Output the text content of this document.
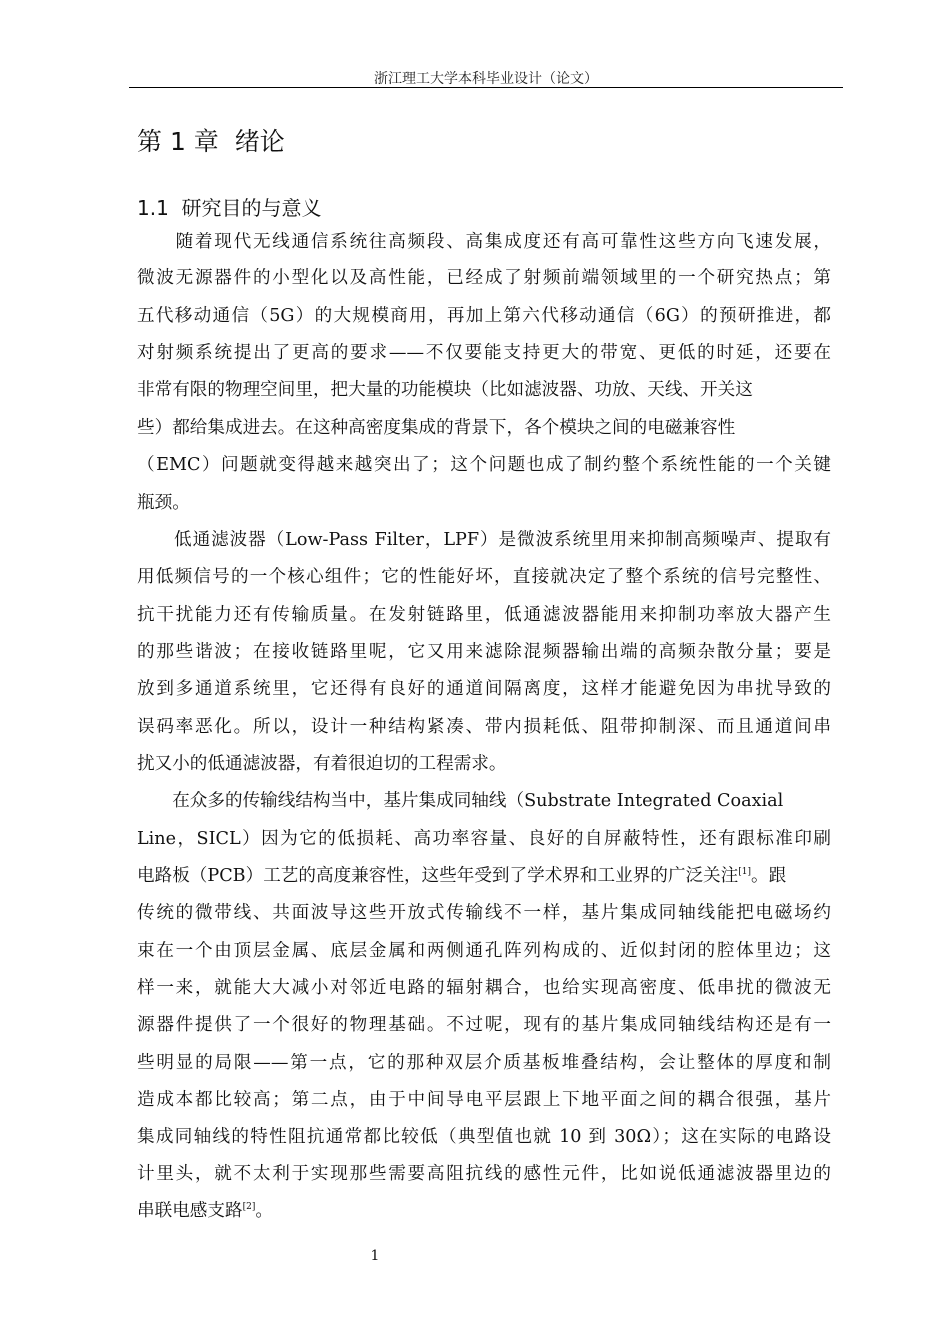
浙江理工大学本科毕业设计（论文）
第 1 章  绪论
1.1  研究目的与意义
　　随着现代无线通信系统往高频段、高集成度还有高可靠性这些方向飞速发展，
微波无源器件的小型化以及高性能，已经成了射频前端领域里的一个研究热点；第
五代移动通信（5G）的大规模商用，再加上第六代移动通信（6G）的预研推进，都
对射频系统提出了更高的要求——不仅要能支持更大的带宽、更低的时延，还要在
非常有限的物理空间里，把大量的功能模块（比如滤波器、功放、天线、开关这
些）都给集成进去。在这种高密度集成的背景下，各个模块之间的电磁兼容性
（EMC）问题就变得越来越突出了；这个问题也成了制约整个系统性能的一个关键
瓶颈。
　　低通滤波器（Low-Pass Filter，LPF）是微波系统里用来抑制高频噪声、提取有
用低频信号的一个核心组件；它的性能好坏，直接就决定了整个系统的信号完整性、
抗干扰能力还有传输质量。在发射链路里，低通滤波器能用来抑制功率放大器产生
的那些谐波；在接收链路里呢，它又用来滤除混频器输出端的高频杂散分量；要是
放到多通道系统里，它还得有良好的通道间隔离度，这样才能避免因为串扰导致的
误码率恶化。所以，设计一种结构紧凑、带内损耗低、阻带抑制深、而且通道间串
扰又小的低通滤波器，有着很迫切的工程需求。
　　在众多的传输线结构当中，基片集成同轴线（Substrate Integrated Coaxial
Line，SICL）因为它的低损耗、高功率容量、良好的自屏蔽特性，还有跟标准印刷
电路板（PCB）工艺的高度兼容性，这些年受到了学术界和工业界的广泛关注[1]。跟
传统的微带线、共面波导这些开放式传输线不一样，基片集成同轴线能把电磁场约
束在一个由顶层金属、底层金属和两侧通孔阵列构成的、近似封闭的腔体里边；这
样一来，就能大大减小对邻近电路的辐射耦合，也给实现高密度、低串扰的微波无
源器件提供了一个很好的物理基础。不过呢，现有的基片集成同轴线结构还是有一
些明显的局限——第一点，它的那种双层介质基板堆叠结构，会让整体的厚度和制
造成本都比较高；第二点，由于中间导电平层跟上下地平面之间的耦合很强，基片
集成同轴线的特性阻抗通常都比较低（典型值也就 10 到 30Ω）；这在实际的电路设
计里头，就不太利于实现那些需要高阻抗线的感性元件，比如说低通滤波器里边的
串联电感支路[2]。
1
